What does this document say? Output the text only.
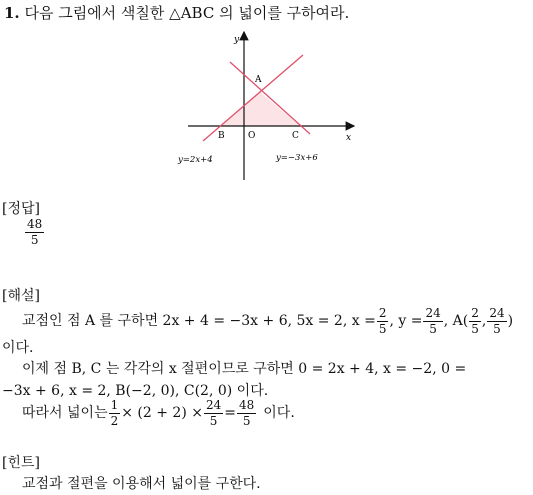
1. 다음 그림에서 색칠한 △ABC 의 넓이를 구하여라.
y
x
A
B	O	C
y=2x+4	y=−3x+6
[정답]
$\frac{48}{5}$
[해설]
교점인 점 A 를 구하면 2x + 4 = −3x + 6, 5x = 2, $x = \frac{2}{5}$ , $y = \frac{24}{5}$ , $A( \frac{2}{5}$ , $\frac{24}{5}$ )
이다.
이제 점 B, C 는 각각의 x 절편이므로 구하면 0 = 2x + 4, x = −2, 0 =
−3x + 6, x = 2, B(−2, 0), C(2, 0) 이다.
따라서 넓이는 $\frac{1}{2} \times (2 + 2) \times \frac{24}{5} = \frac{48}{5}$ 이다.
[힌트]
교점과 절편을 이용해서 넓이를 구한다.
